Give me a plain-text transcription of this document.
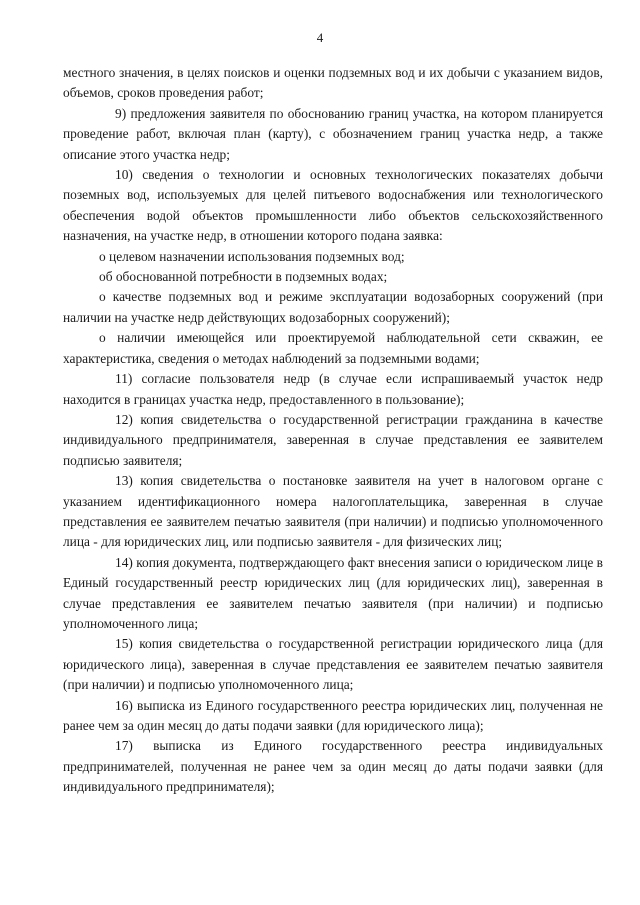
4

местного значения, в целях поисков и оценки подземных вод и их добычи с указанием видов, объемов, сроков проведения работ;

9) предложения заявителя по обоснованию границ участка, на котором планируется проведение работ, включая план (карту), с обозначением границ участка недр, а также описание этого участка недр;

10) сведения о технологии и основных технологических показателях добычи поземных вод, используемых для целей питьевого водоснабжения или технологического обеспечения водой объектов промышленности либо объектов сельскохозяйственного назначения, на участке недр, в отношении которого подана заявка:

о целевом назначении использования подземных вод;

об обоснованной потребности в подземных водах;

о качестве подземных вод и режиме эксплуатации водозаборных сооружений (при наличии на участке недр действующих водозаборных сооружений);

о наличии имеющейся или проектируемой наблюдательной сети скважин, ее характеристика, сведения о методах наблюдений за подземными водами;

11) согласие пользователя недр (в случае если испрашиваемый участок недр находится в границах участка недр, предоставленного в пользование);

12) копия свидетельства о государственной регистрации гражданина в качестве индивидуального предпринимателя, заверенная в случае представления ее заявителем подписью заявителя;

13) копия свидетельства о постановке заявителя на учет в налоговом органе с указанием идентификационного номера налогоплательщика, заверенная в случае представления ее заявителем печатью заявителя (при наличии) и подписью уполномоченного лица - для юридических лиц, или подписью заявителя - для физических лиц;

14) копия документа, подтверждающего факт внесения записи о юридическом лице в Единый государственный реестр юридических лиц (для юридических лиц), заверенная в случае представления ее заявителем печатью заявителя (при наличии) и подписью уполномоченного лица;

15) копия свидетельства о государственной регистрации юридического лица (для юридического лица), заверенная в случае представления ее заявителем печатью заявителя (при наличии) и подписью уполномоченного лица;

16) выписка из Единого государственного реестра юридических лиц, полученная не ранее чем за один месяц до даты подачи заявки (для юридического лица);

17) выписка из Единого государственного реестра индивидуальных предпринимателей, полученная не ранее чем за один месяц до даты подачи заявки (для индивидуального предпринимателя);
